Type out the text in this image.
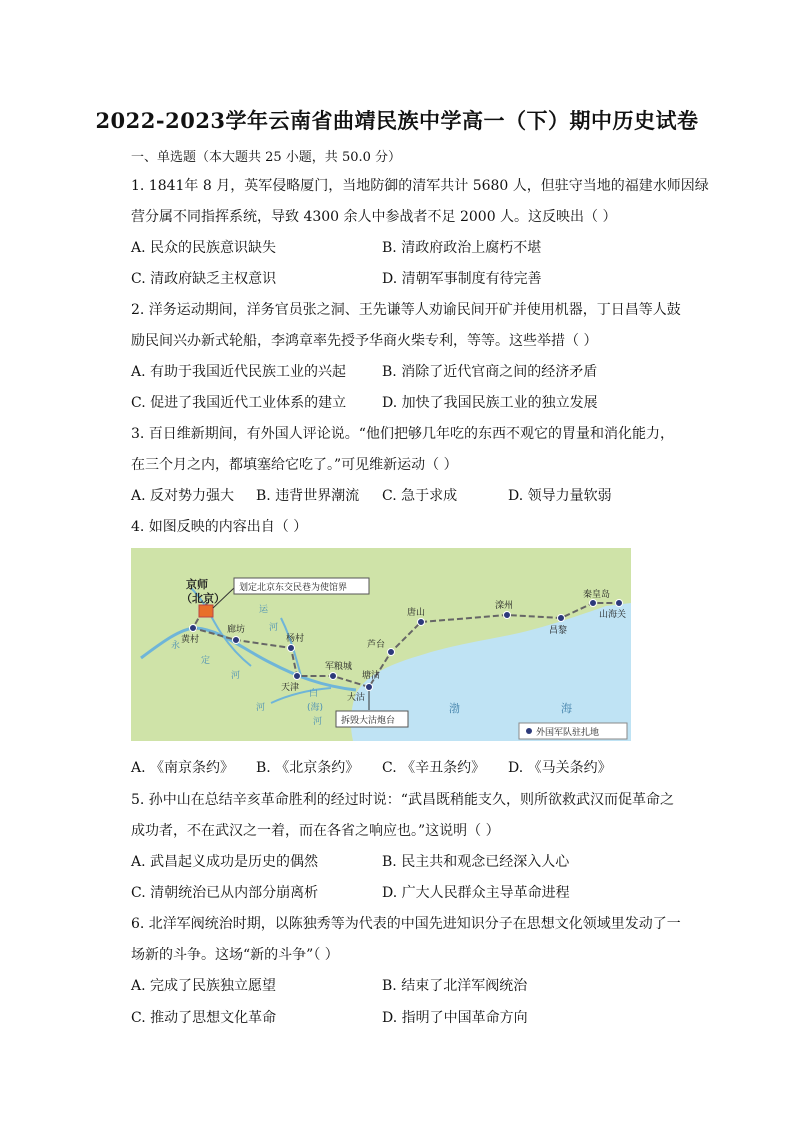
2022-2023学年云南省曲靖民族中学高一（下）期中历史试卷
一、单选题（本大题共 25 小题，共 50.0 分）
1. 1841年 8 月，英军侵略厦门，当地防御的清军共计 5680 人，但驻守当地的福建水师因绿
营分属不同指挥系统，导致 4300 余人中参战者不足 2000 人。这反映出（ ）
A. 民众的民族意识缺失	B. 清政府政治上腐朽不堪
C. 清政府缺乏主权意识	D. 清朝军事制度有待完善
2. 洋务运动期间，洋务官员张之洞、王先谦等人劝谕民间开矿并使用机器，丁日昌等人鼓
励民间兴办新式轮船，李鸿章率先授予华商火柴专利，等等。这些举措（ ）
A. 有助于我国近代民族工业的兴起	B. 消除了近代官商之间的经济矛盾
C. 促进了我国近代工业体系的建立	D. 加快了我国民族工业的独立发展
3. 百日维新期间，有外国人评论说。“他们把够几年吃的东西不观它的胃量和消化能力，
在三个月之内，都填塞给它吃了。”可见维新运动（ ）
A. 反对势力强大 B. 违背世界潮流 C. 急于求成	D. 领导力量软弱
4. 如图反映的内容出自（ ）
京师
（北京）
划定北京东交民巷为使馆界
拆毁大沽炮台
黄村
廊坊
杨村
天津
军粮城
塘沽
大沽
芦台
唐山
滦州
昌黎
秦皇岛
山海关
运
河
永
定
河
白
(海)
河
河	渤	海
外国军队驻扎地
A. 《南京条约》 B. 《北京条约》 C. 《辛丑条约》 D. 《马关条约》
5. 孙中山在总结辛亥革命胜利的经过时说：“武昌既稍能支久，则所欲救武汉而促革命之
成功者，不在武汉之一着，而在各省之响应也。”这说明（ ）
A. 武昌起义成功是历史的偶然	B. 民主共和观念已经深入人心
C. 清朝统治已从内部分崩离析	D. 广大人民群众主导革命进程
6. 北洋军阀统治时期，以陈独秀等为代表的中国先进知识分子在思想文化领域里发动了一
场新的斗争。这场“新的斗争”（ ）
A. 完成了民族独立愿望	B. 结束了北洋军阀统治
C. 推动了思想文化革命	D. 指明了中国革命方向
